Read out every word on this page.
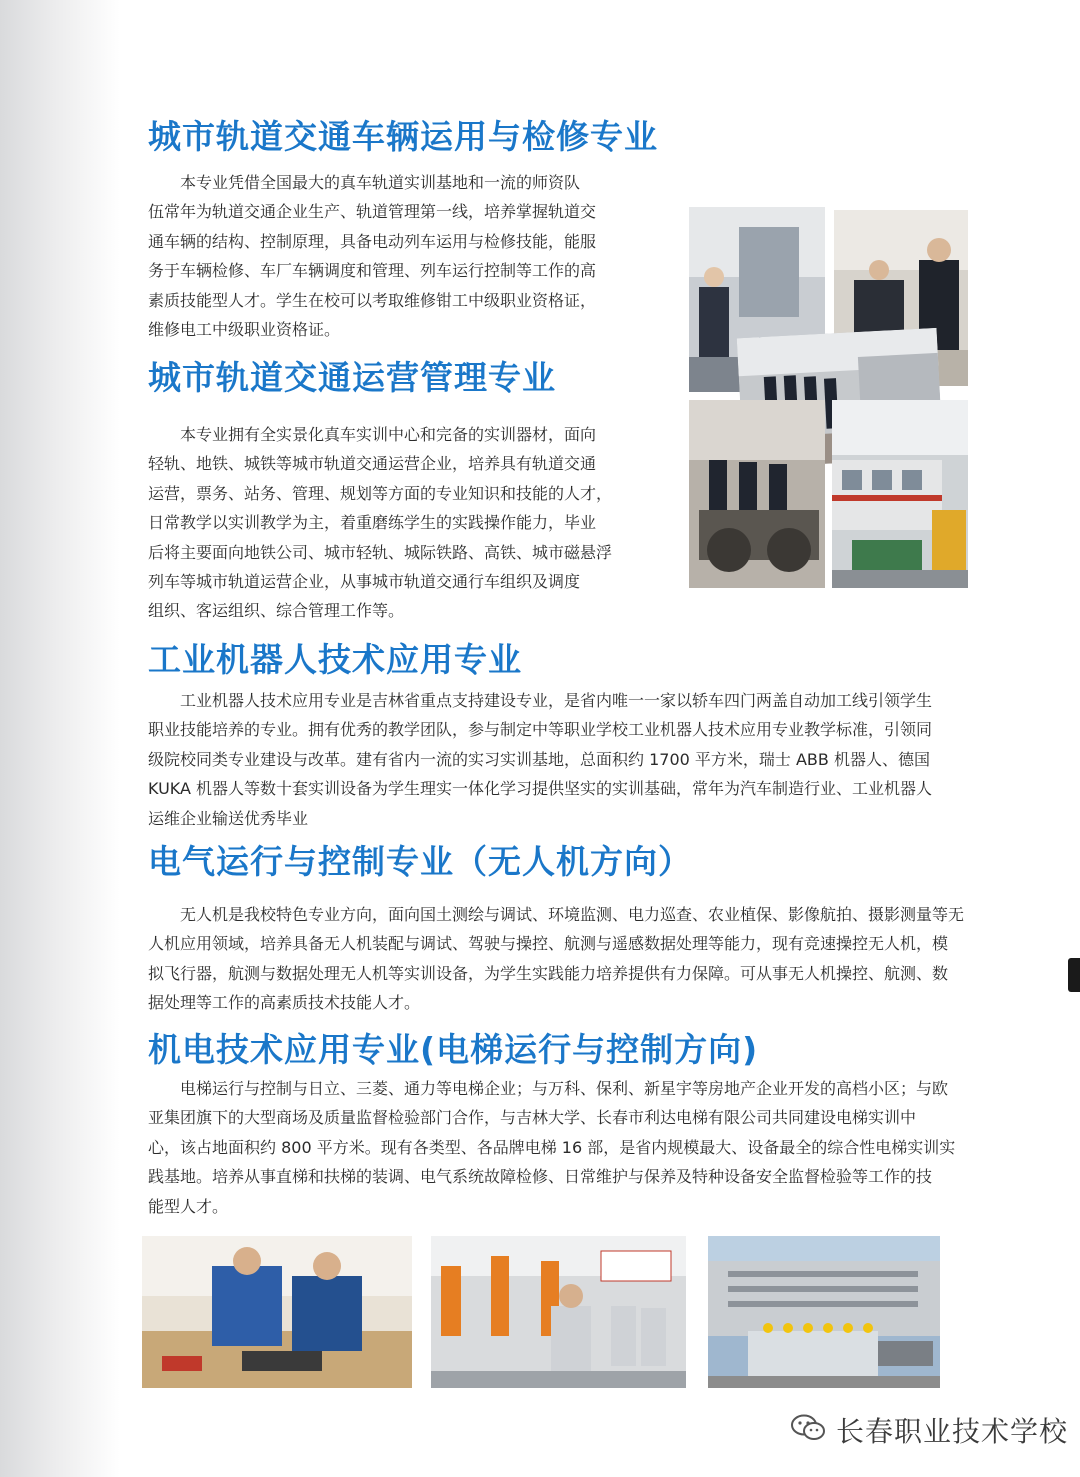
城市轨道交通车辆运用与检修专业
本专业凭借全国最大的真车轨道实训基地和一流的师资队
伍常年为轨道交通企业生产、轨道管理第一线，培养掌握轨道交
通车辆的结构、控制原理，具备电动列车运用与检修技能，能服
务于车辆检修、车厂车辆调度和管理、列车运行控制等工作的高
素质技能型人才。学生在校可以考取维修钳工中级职业资格证，
维修电工中级职业资格证。
城市轨道交通运营管理专业
本专业拥有全实景化真车实训中心和完备的实训器材，面向
轻轨、地铁、城铁等城市轨道交通运营企业，培养具有轨道交通
运营，票务、站务、管理、规划等方面的专业知识和技能的人才，
日常教学以实训教学为主，着重磨练学生的实践操作能力，毕业
后将主要面向地铁公司、城市轻轨、城际铁路、高铁、城市磁悬浮
列车等城市轨道运营企业，从事城市轨道交通行车组织及调度
组织、客运组织、综合管理工作等。
工业机器人技术应用专业
工业机器人技术应用专业是吉林省重点支持建设专业，是省内唯一一家以轿车四门两盖自动加工线引领学生
职业技能培养的专业。拥有优秀的教学团队，参与制定中等职业学校工业机器人技术应用专业教学标准，引领同
级院校同类专业建设与改革。建有省内一流的实习实训基地，总面积约 1700 平方米，瑞士 ABB 机器人、德国
KUKA 机器人等数十套实训设备为学生理实一体化学习提供坚实的实训基础，常年为汽车制造行业、工业机器人
运维企业输送优秀毕业
电气运行与控制专业（无人机方向）
无人机是我校特色专业方向，面向国土测绘与调试、环境监测、电力巡查、农业植保、影像航拍、摄影测量等无
人机应用领域，培养具备无人机装配与调试、驾驶与操控、航测与遥感数据处理等能力，现有竞速操控无人机，模
拟飞行器，航测与数据处理无人机等实训设备，为学生实践能力培养提供有力保障。可从事无人机操控、航测、数
据处理等工作的高素质技术技能人才。
机电技术应用专业(电梯运行与控制方向)
电梯运行与控制与日立、三菱、通力等电梯企业；与万科、保利、新星宇等房地产企业开发的高档小区；与欧
亚集团旗下的大型商场及质量监督检验部门合作，与吉林大学、长春市利达电梯有限公司共同建设电梯实训中
心，该占地面积约 800 平方米。现有各类型、各品牌电梯 16 部，是省内规模最大、设备最全的综合性电梯实训实
践基地。培养从事直梯和扶梯的装调、电气系统故障检修、日常维护与保养及特种设备安全监督检验等工作的技
能型人才。
长春职业技术学校
